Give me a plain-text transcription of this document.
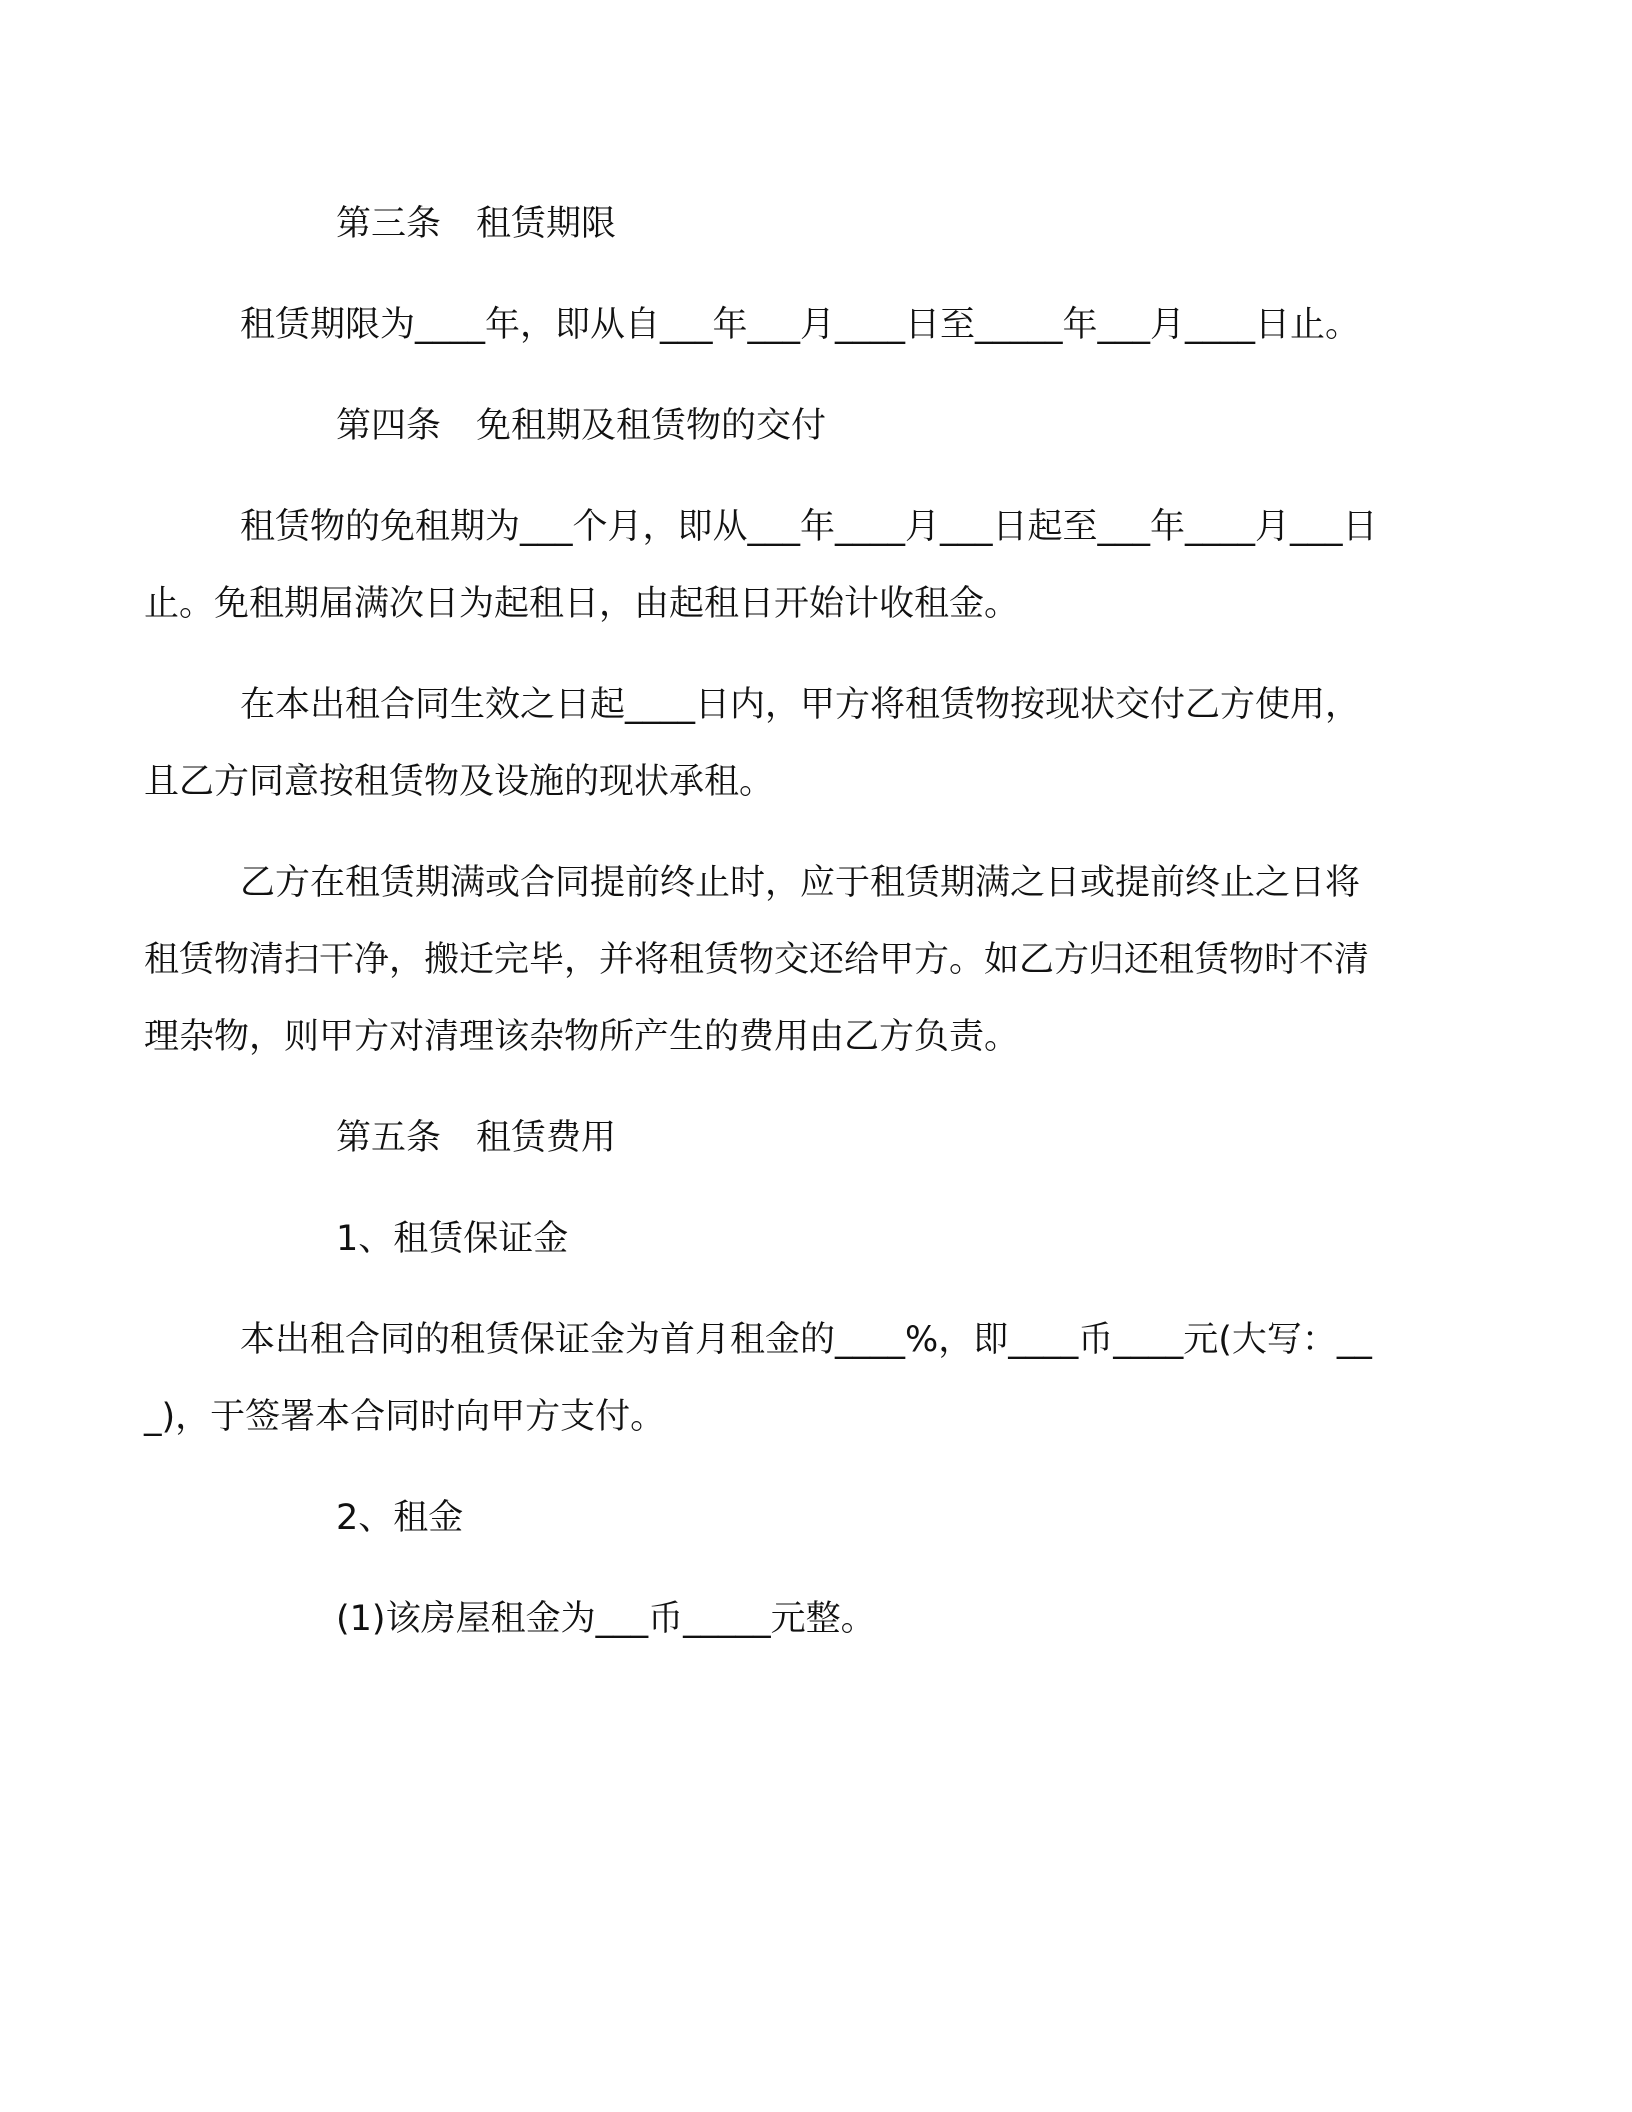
第三条　租赁期限
租赁期限为____年，即从自___年___月____日至_____年___月____日止。
第四条　免租期及租赁物的交付
租赁物的免租期为___个月，即从___年____月___日起至___年____月___日止。免租期届满次日为起租日，由起租日开始计收租金。
在本出租合同生效之日起____日内，甲方将租赁物按现状交付乙方使用，且乙方同意按租赁物及设施的现状承租。
乙方在租赁期满或合同提前终止时，应于租赁期满之日或提前终止之日将租赁物清扫干净，搬迁完毕，并将租赁物交还给甲方。如乙方归还租赁物时不清理杂物，则甲方对清理该杂物所产生的费用由乙方负责。
第五条　租赁费用
1、租赁保证金
本出租合同的租赁保证金为首月租金的____%，即____币____元(大写：___)，于签署本合同时向甲方支付。
2、租金
(1)该房屋租金为___币_____元整。
